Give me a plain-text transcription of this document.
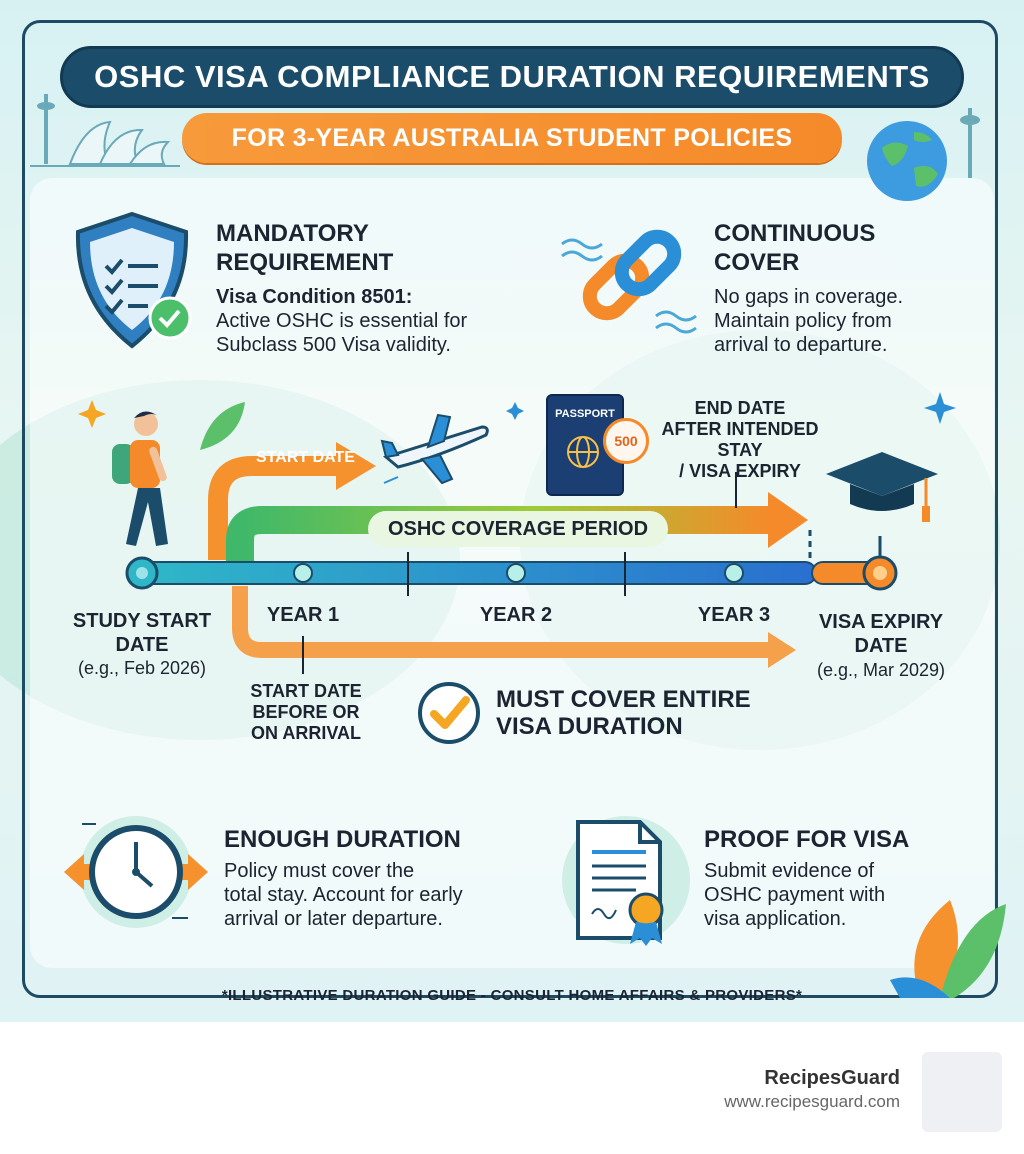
OSHC VISA COMPLIANCE DURATION REQUIREMENTS
FOR 3-YEAR AUSTRALIA STUDENT POLICIES
MANDATORY
REQUIREMENT
Visa Condition 8501:
Active OSHC is essential for
Subclass 500 Visa validity.
CONTINUOUS
COVER
No gaps in coverage.
Maintain policy from
arrival to departure.
PASSPORT
500
START DATE
END DATE
AFTER INTENDED STAY
/ VISA EXPIRY
OSHC COVERAGE PERIOD
STUDY START
DATE
(e.g., Feb 2026)
YEAR 1	YEAR 2	YEAR 3	VISA EXPIRY
DATE
(e.g., Mar 2029)
START DATE
BEFORE OR
ON ARRIVAL
MUST COVER ENTIRE
VISA DURATION
ENOUGH DURATION
Policy must cover the
total stay. Account for early
arrival or later departure.
PROOF FOR VISA
Submit evidence of
OSHC payment with
visa application.
*ILLUSTRATIVE DURATION GUIDE - CONSULT HOME AFFAIRS & PROVIDERS*
RecipesGuard
www.recipesguard.com
